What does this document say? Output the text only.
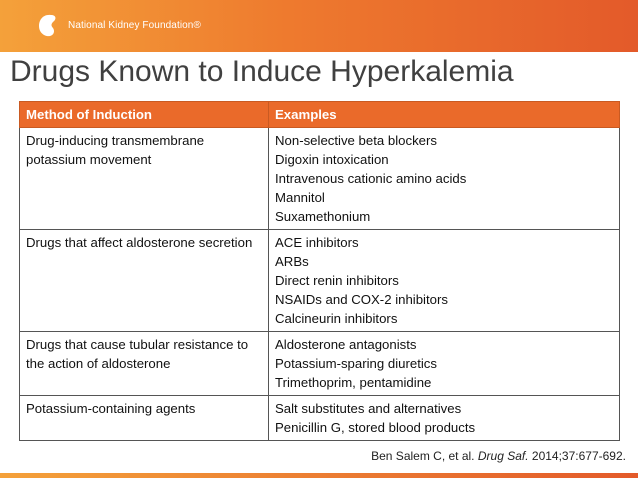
National Kidney Foundation®
Drugs Known to Induce Hyperkalemia
Method of Induction	Examples
Drug-inducing transmembrane potassium movement	Non-selective beta blockers
Digoxin intoxication
Intravenous cationic amino acids
Mannitol
Suxamethonium

Drugs that affect aldosterone secretion	ACE inhibitors
ARBs
Direct renin inhibitors
NSAIDs and COX-2 inhibitors
Calcineurin inhibitors

Drugs that cause tubular resistance to the action of aldosterone	Aldosterone antagonists
Potassium-sparing diuretics
Trimethoprim, pentamidine

Potassium-containing agents	Salt substitutes and alternatives
Penicillin G, stored blood products
Ben Salem C, et al. Drug Saf. 2014;37:677-692.
